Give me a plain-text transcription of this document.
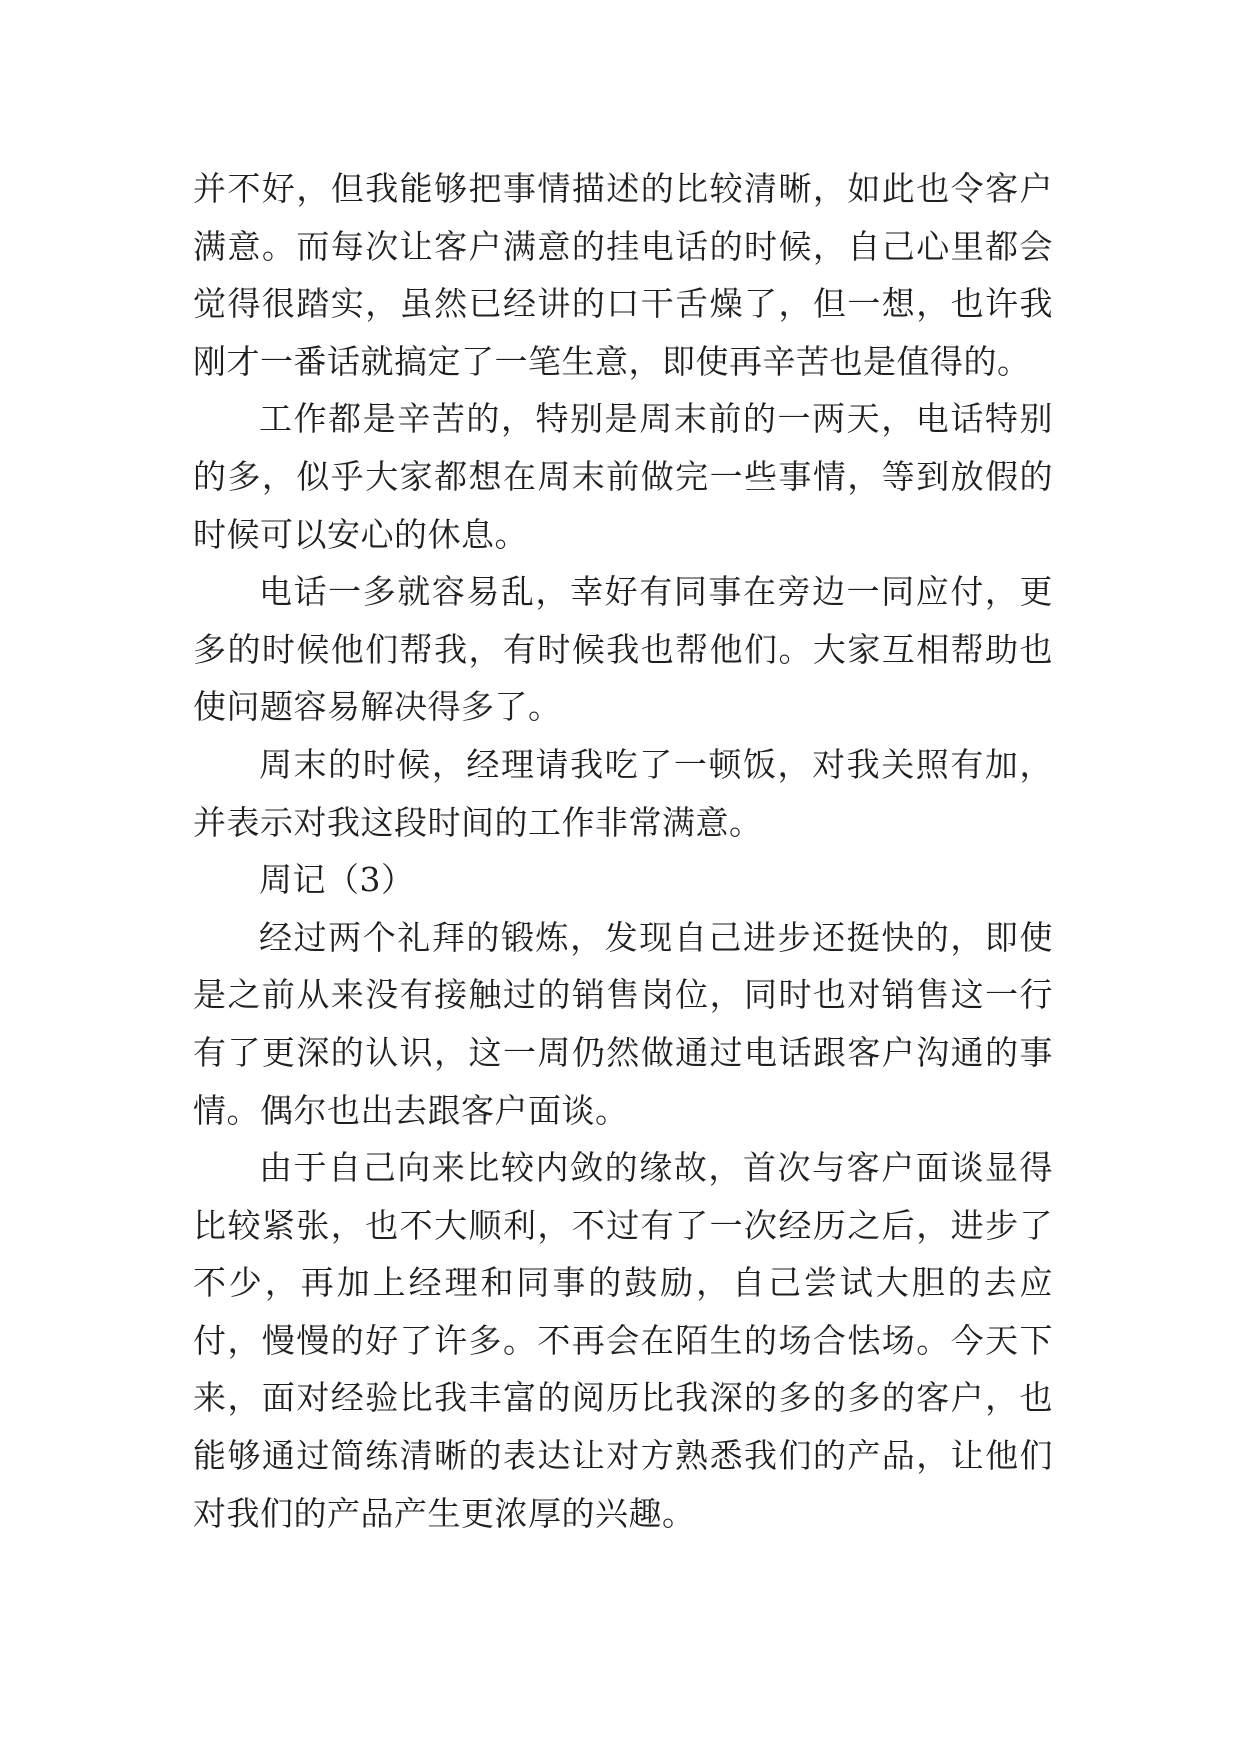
并不好，但我能够把事情描述的比较清晰，如此也令客户满意。而每次让客户满意的挂电话的时候，自己心里都会觉得很踏实，虽然已经讲的口干舌燥了，但一想，也许我刚才一番话就搞定了一笔生意，即使再辛苦也是值得的。

工作都是辛苦的，特别是周末前的一两天，电话特别的多，似乎大家都想在周末前做完一些事情，等到放假的时候可以安心的休息。

电话一多就容易乱，幸好有同事在旁边一同应付，更多的时候他们帮我，有时候我也帮他们。大家互相帮助也使问题容易解决得多了。

周末的时候，经理请我吃了一顿饭，对我关照有加，并表示对我这段时间的工作非常满意。

周记（3）

经过两个礼拜的锻炼，发现自己进步还挺快的，即使是之前从来没有接触过的销售岗位，同时也对销售这一行有了更深的认识，这一周仍然做通过电话跟客户沟通的事情。偶尔也出去跟客户面谈。

由于自己向来比较内敛的缘故，首次与客户面谈显得比较紧张，也不大顺利，不过有了一次经历之后，进步了不少，再加上经理和同事的鼓励，自己尝试大胆的去应付，慢慢的好了许多。不再会在陌生的场合怯场。今天下来，面对经验比我丰富的阅历比我深的多的多的客户，也能够通过简练清晰的表达让对方熟悉我们的产品，让他们对我们的产品产生更浓厚的兴趣。
